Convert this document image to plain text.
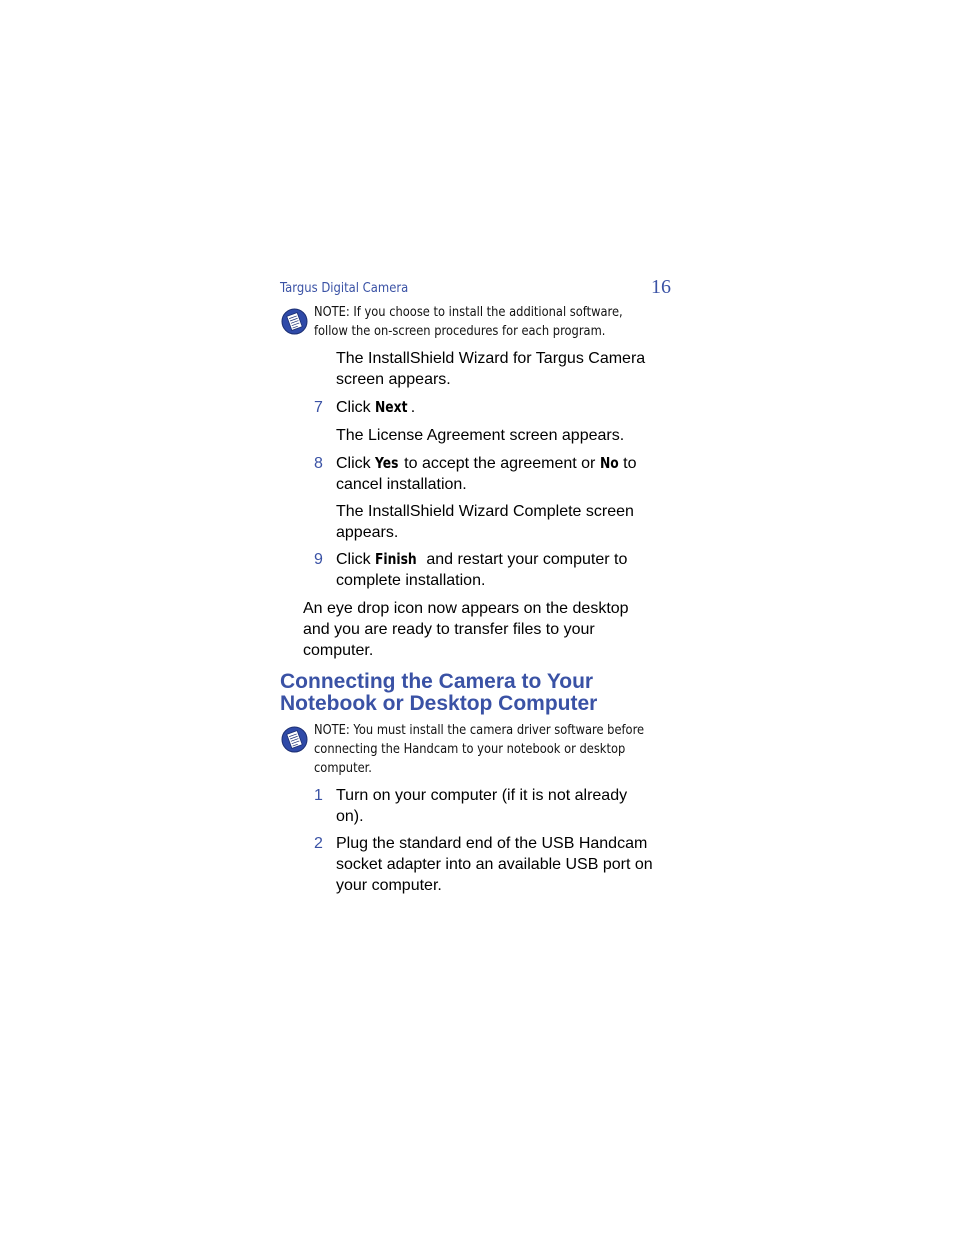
Targus Digital Camera	16
NOTE: If you choose to install the additional software,
follow the on-screen procedures for each program.
The InstallShield Wizard for Targus Camera
screen appears.
7 Click Next .
The License Agreement screen appears.
8 Click Yes to accept the agreement or No to
cancel installation.
The InstallShield Wizard Complete screen
appears.
9 Click Finish and restart your computer to
complete installation.
An eye drop icon now appears on the desktop
and you are ready to transfer files to your
computer.
Connecting the Camera to Your
Notebook or Desktop Computer
NOTE: You must install the camera driver software before
connecting the Handcam to your notebook or desktop
computer.
1 Turn on your computer (if it is not already
on).
2 Plug the standard end of the USB Handcam
socket adapter into an available USB port on
your computer.
